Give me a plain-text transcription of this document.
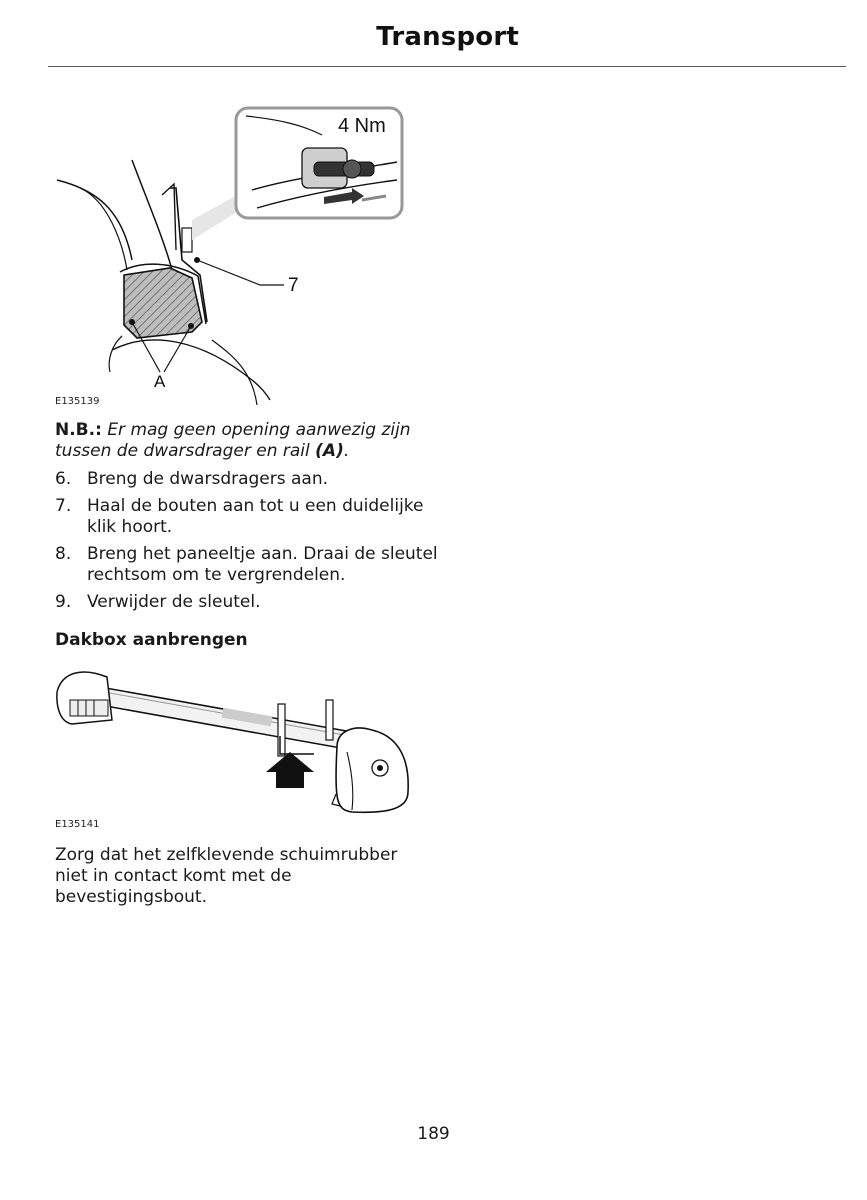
Transport
A
7
4 Nm
E135139
N.B.: Er mag geen opening aanwezig zijn tussen de dwarsdrager en rail (A).
6. Breng de dwarsdragers aan.
7. Haal de bouten aan tot u een duidelijke klik hoort.
8. Breng het paneeltje aan. Draai de sleutel rechtsom om te vergrendelen.
9. Verwijder de sleutel.
Dakbox aanbrengen
E135141
Zorg dat het zelfklevende schuimrubber niet in contact komt met de bevestigingsbout.
189
